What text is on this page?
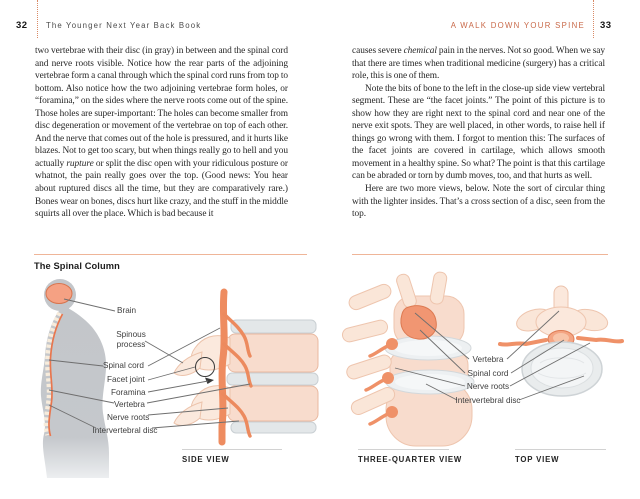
32 The Younger Next Year Back Book

two vertebrae with their disc (in gray) in between and the spinal cord and nerve roots visible. Notice how the rear parts of the adjoining vertebrae form a canal through which the spinal cord runs from top to bottom. Also notice how the two adjoining vertebrae form holes, or “foramina,” on the sides where the nerve roots come out of the spine. Those holes are super-important: The holes can become smaller from disc degeneration or movement of the vertebrae on top of each other. And the nerve that comes out of the hole is pressured, and it hurts like blazes. Not to get too scary, but when things really go to hell and you actually rupture or split the disc open with your ridiculous posture or whatnot, the pain really goes over the top. (Good news: You hear about ruptured discs all the time, but they are comparatively rare.) Bones wear on bones, discs hurt like crazy, and the stuff in the middle squirts all over the place. Which is bad because it

The Spinal Column
Brain
Spinous process
Spinal cord
Facet joint
Foramina
Vertebra
Nerve roots
Intervertebral disc
SIDE VIEW
A WALK DOWN YOUR SPINE 33

causes severe chemical pain in the nerves. Not so good. When we say that there are times when traditional medicine (surgery) has a critical role, this is one of them.

Note the bits of bone to the left in the close-up side view vertebral segment. These are “the facet joints.” The point of this picture is to show how they are right next to the spinal cord and near one of the nerve exit spots. They are well placed, in other words, to raise hell if things go wrong with them. I forgot to mention this: The surfaces of the facet joints are covered in cartilage, which allows smooth movement in a healthy spine. So what? The point is that this cartilage can be abraded or torn by dumb moves, too, and that hurts as well.

Here are two more views, below. Note the sort of circular thing with the lighter insides. That’s a cross section of a disc, seen from the top.

Vertebra
Spinal cord
Nerve roots
Intervertebral disc
THREE-QUARTER VIEW	TOP VIEW
